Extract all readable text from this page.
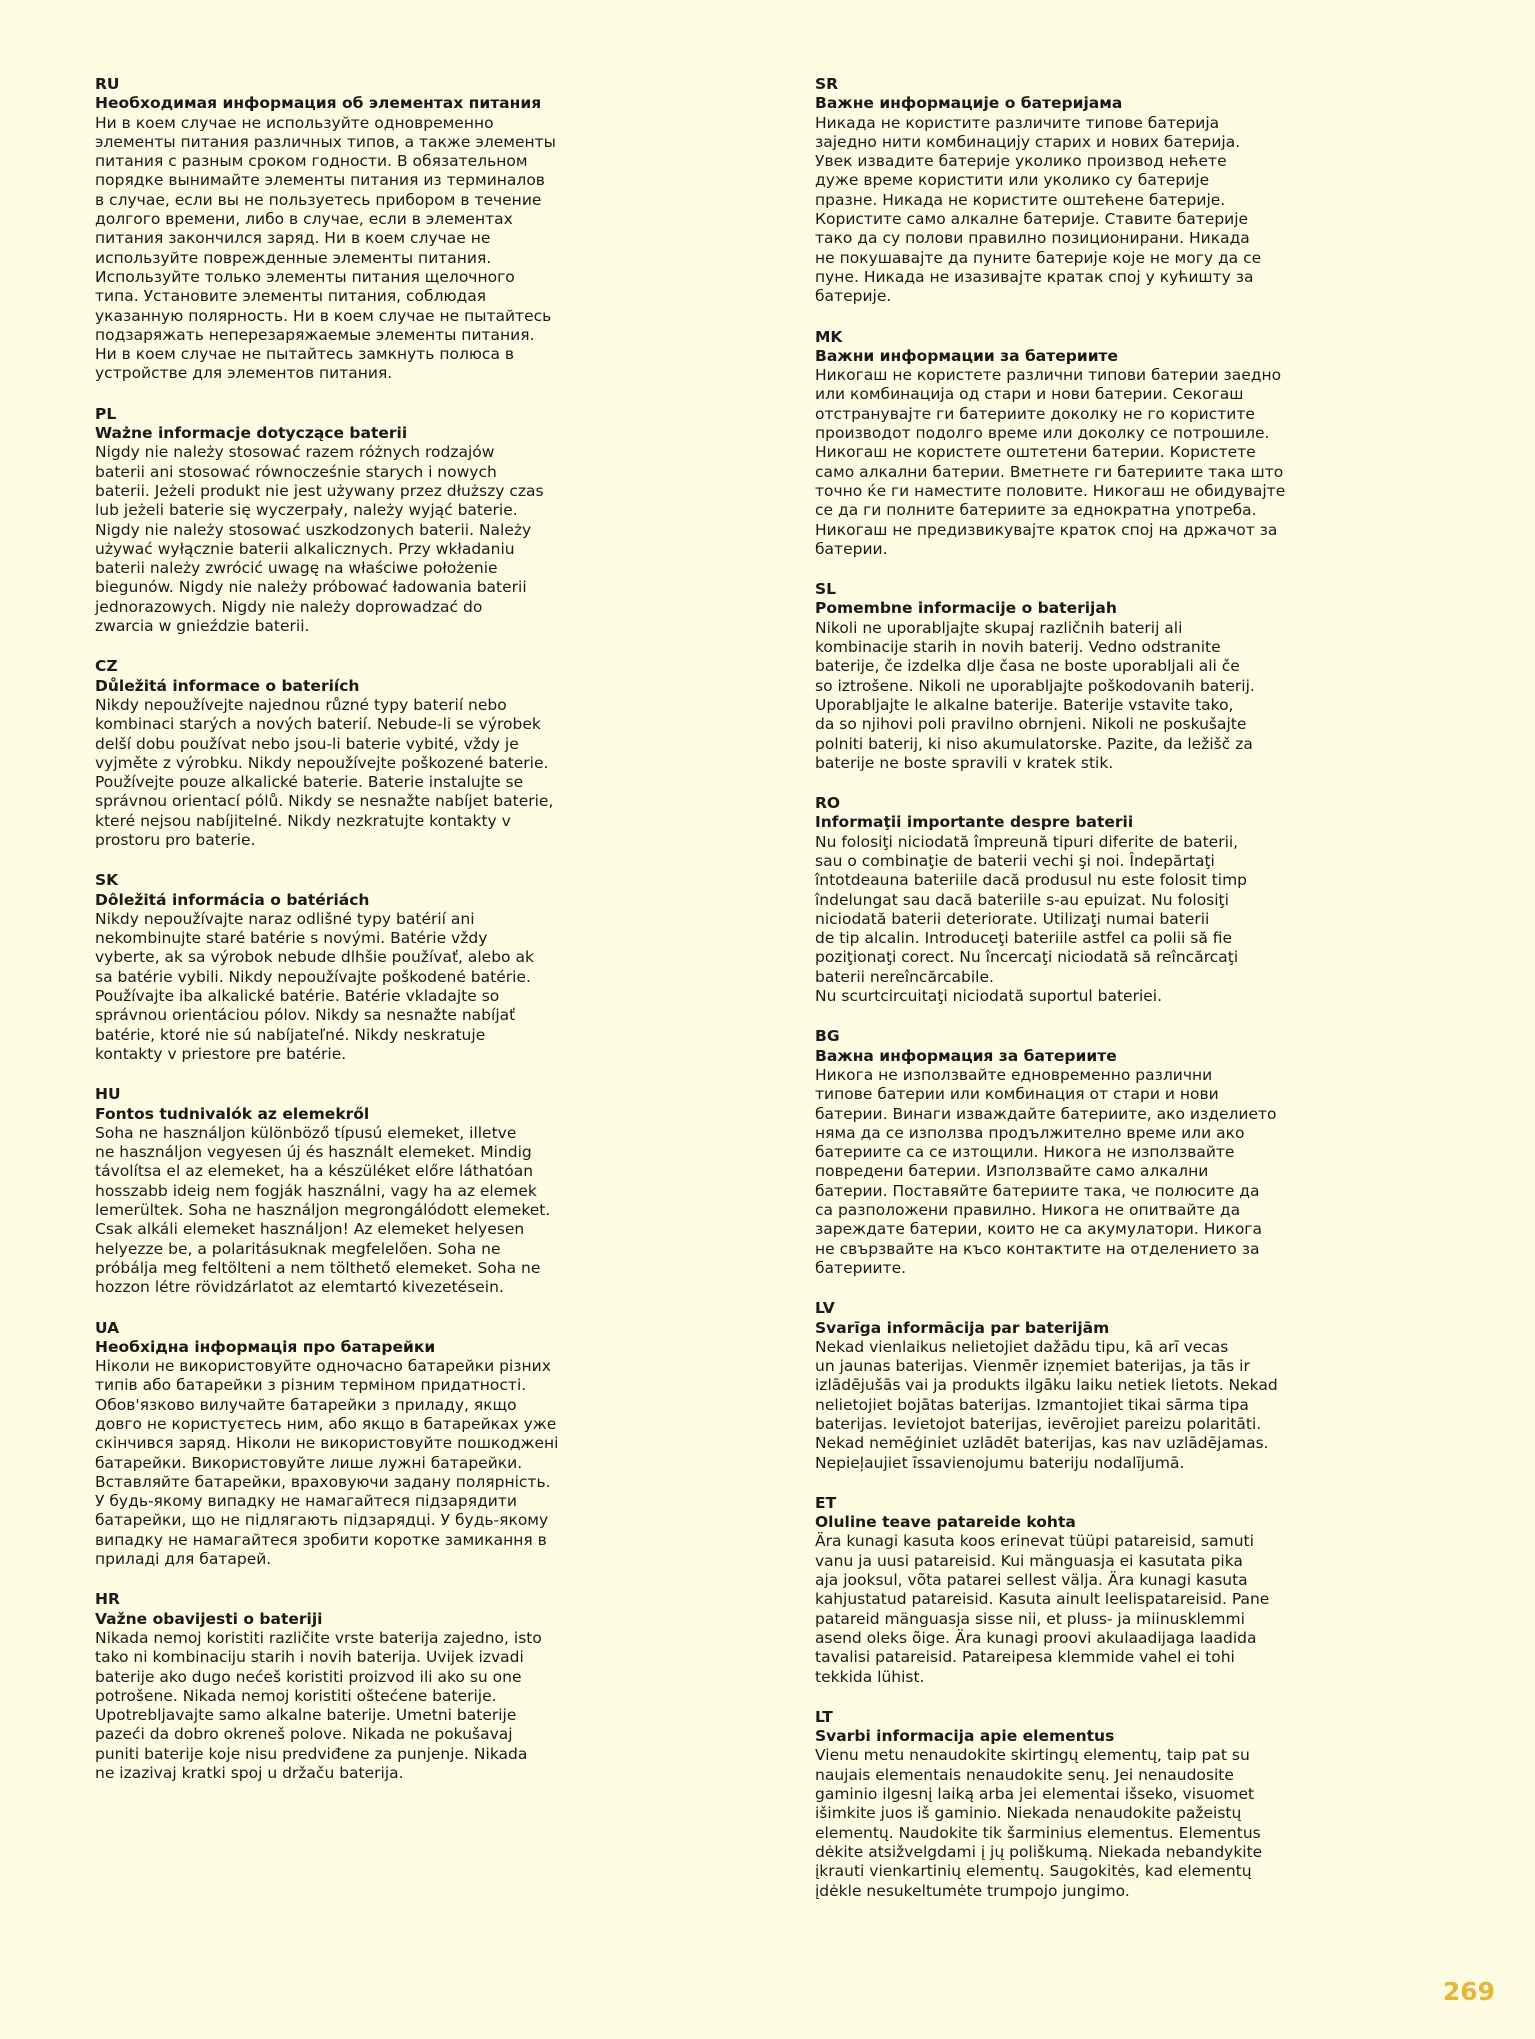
RU
Необходимая информация об элементах питания
Ни в коем случае не используйте одновременно
элементы питания различных типов, а также элементы
питания с разным сроком годности. В обязательном
порядке вынимайте элементы питания из терминалов
в случае, если вы не пользуетесь прибором в течение
долгого времени, либо в случае, если в элементах
питания закончился заряд. Ни в коем случае не
используйте поврежденные элементы питания.
Используйте только элементы питания щелочного
типа. Установите элементы питания, соблюдая
указанную полярность. Ни в коем случае не пытайтесь
подзаряжать неперезаряжаемые элементы питания.
Ни в коем случае не пытайтесь замкнуть полюса в
устройстве для элементов питания.
PL
Ważne informacje dotyczące baterii
Nigdy nie należy stosować razem różnych rodzajów
baterii ani stosować równocześnie starych i nowych
baterii. Jeżeli produkt nie jest używany przez dłuższy czas
lub jeżeli baterie się wyczerpały, należy wyjąć baterie.
Nigdy nie należy stosować uszkodzonych baterii. Należy
używać wyłącznie baterii alkalicznych. Przy wkładaniu
baterii należy zwrócić uwagę na właściwe położenie
biegunów. Nigdy nie należy próbować ładowania baterii
jednorazowych. Nigdy nie należy doprowadzać do
zwarcia w gnieździe baterii.
CZ
Důležitá informace o bateriích
Nikdy nepoužívejte najednou různé typy baterií nebo
kombinaci starých a nových baterií. Nebude-li se výrobek
delší dobu používat nebo jsou-li baterie vybité, vždy je
vyjměte z výrobku. Nikdy nepoužívejte poškozené baterie.
Používejte pouze alkalické baterie. Baterie instalujte se
správnou orientací pólů. Nikdy se nesnažte nabíjet baterie,
které nejsou nabíjitelné. Nikdy nezkratujte kontakty v
prostoru pro baterie.
SK
Dôležitá informácia o batériách
Nikdy nepoužívajte naraz odlišné typy batérií ani
nekombinujte staré batérie s novými. Batérie vždy
vyberte, ak sa výrobok nebude dlhšie používať, alebo ak
sa batérie vybili. Nikdy nepoužívajte poškodené batérie.
Používajte iba alkalické batérie. Batérie vkladajte so
správnou orientáciou pólov. Nikdy sa nesnažte nabíjať
batérie, ktoré nie sú nabíjateľné. Nikdy neskratuje
kontakty v priestore pre batérie.
HU
Fontos tudnivalók az elemekről
Soha ne használjon különböző típusú elemeket, illetve
ne használjon vegyesen új és használt elemeket. Mindig
távolítsa el az elemeket, ha a készüléket előre láthatóan
hosszabb ideig nem fogják használni, vagy ha az elemek
lemerültek. Soha ne használjon megrongálódott elemeket.
Csak alkáli elemeket használjon! Az elemeket helyesen
helyezze be, a polaritásuknak megfelelően. Soha ne
próbálja meg feltölteni a nem tölthető elemeket. Soha ne
hozzon létre rövidzárlatot az elemtartó kivezetésein.
UA
Необхідна інформація про батарейки
Ніколи не використовуйте одночасно батарейки різних
типів або батарейки з різним терміном придатності.
Обов'язково вилучайте батарейки з приладу, якщо
довго не користуєтесь ним, або якщо в батарейках уже
скінчився заряд. Ніколи не використовуйте пошкоджені
батарейки. Використовуйте лише лужні батарейки.
Вставляйте батарейки, враховуючи задану полярність.
У будь-якому випадку не намагайтеся підзарядити
батарейки, що не підлягають підзарядці. У будь-якому
випадку не намагайтеся зробити коротке замикання в
приладі для батарей.
HR
Važne obavijesti o bateriji
Nikada nemoj koristiti različite vrste baterija zajedno, isto
tako ni kombinaciju starih i novih baterija. Uvijek izvadi
baterije ako dugo nećeš koristiti proizvod ili ako su one
potrošene. Nikada nemoj koristiti oštećene baterije.
Upotrebljavajte samo alkalne baterije. Umetni baterije
pazeći da dobro okreneš polove. Nikada ne pokušavaj
puniti baterije koje nisu predviđene za punjenje. Nikada
ne izazivaj kratki spoj u držaču baterija.
SR
Важне информације о батеријама
Никада не користите различите типове батерија
заједно нити комбинацију старих и нових батерија.
Увек извадите батерије уколико производ нећете
дуже време користити или уколико су батерије
празне. Никада не користите оштећене батерије.
Користите само алкалне батерије. Ставите батерије
тако да су полови правилно позиционирани. Никада
не покушавајте да пуните батерије које не могу да се
пуне. Никада не изазивајте кратак спој у кућишту за
батерије.
MK
Важни информации за батериите
Никогаш не користете различни типови батерии заедно
или комбинација од стари и нови батерии. Секогаш
отстранувајте ги батериите доколку не го користите
производот подолго време или доколку се потрошиле.
Никогаш не користете оштетени батерии. Користете
само алкални батерии. Вметнете ги батериите така што
точно ќе ги наместите половите. Никогаш не обидувајте
се да ги полните батериите за еднократна употреба.
Никогаш не предизвикувајте краток спој на држачот за
батерии.
SL
Pomembne informacije o baterijah
Nikoli ne uporabljajte skupaj različnih baterij ali
kombinacije starih in novih baterij. Vedno odstranite
baterije, če izdelka dlje časa ne boste uporabljali ali če
so iztrošene. Nikoli ne uporabljajte poškodovanih baterij.
Uporabljajte le alkalne baterije. Baterije vstavite tako,
da so njihovi poli pravilno obrnjeni. Nikoli ne poskušajte
polniti baterij, ki niso akumulatorske. Pazite, da ležišč za
baterije ne boste spravili v kratek stik.
RO
Informaţii importante despre baterii
Nu folosiţi niciodată împreună tipuri diferite de baterii,
sau o combinaţie de baterii vechi şi noi. Îndepărtaţi
întotdeauna bateriile dacă produsul nu este folosit timp
îndelungat sau dacă bateriile s-au epuizat. Nu folosiţi
niciodată baterii deteriorate. Utilizaţi numai baterii
de tip alcalin. Introduceţi bateriile astfel ca polii să fie
poziţionaţi corect. Nu încercaţi niciodată să reîncărcaţi
baterii nereîncărcabile.
Nu scurtcircuitaţi niciodată suportul bateriei.
BG
Важна информация за батериите
Никога не използвайте едновременно различни
типове батерии или комбинация от стари и нови
батерии. Винаги изваждайте батериите, ако изделието
няма да се използва продължително време или ако
батериите са се изтощили. Никога не използвайте
повредени батерии. Използвайте само алкални
батерии. Поставяйте батериите така, че полюсите да
са разположени правилно. Никога не опитвайте да
зареждате батерии, които не са акумулатори. Никога
не свързвайте на късо контактите на отделението за
батериите.
LV
Svarīga informācija par baterijām
Nekad vienlaikus nelietojiet dažādu tipu, kā arī vecas
un jaunas baterijas. Vienmēr izņemiet baterijas, ja tās ir
izlādējušās vai ja produkts ilgāku laiku netiek lietots. Nekad
nelietojiet bojātas baterijas. Izmantojiet tikai sārma tipa
baterijas. Ievietojot baterijas, ievērojiet pareizu polaritāti.
Nekad nemēģiniet uzlādēt baterijas, kas nav uzlādējamas.
Nepieļaujiet īssavienojumu bateriju nodalījumā.
ET
Oluline teave patareide kohta
Ära kunagi kasuta koos erinevat tüüpi patareisid, samuti
vanu ja uusi patareisid. Kui mänguasja ei kasutata pika
aja jooksul, võta patarei sellest välja. Ära kunagi kasuta
kahjustatud patareisid. Kasuta ainult leelispatareisid. Pane
patareid mänguasja sisse nii, et pluss- ja miinusklemmi
asend oleks õige. Ära kunagi proovi akulaadijaga laadida
tavalisi patareisid. Patareipesa klemmide vahel ei tohi
tekkida lühist.
LT
Svarbi informacija apie elementus
Vienu metu nenaudokite skirtingų elementų, taip pat su
naujais elementais nenaudokite senų. Jei nenaudosite
gaminio ilgesnį laiką arba jei elementai išseko, visuomet
išimkite juos iš gaminio. Niekada nenaudokite pažeistų
elementų. Naudokite tik šarminius elementus. Elementus
dėkite atsižvelgdami į jų poliškumą. Niekada nebandykite
įkrauti vienkartinių elementų. Saugokitės, kad elementų
įdėkle nesukeltumėte trumpojo jungimo.
269
